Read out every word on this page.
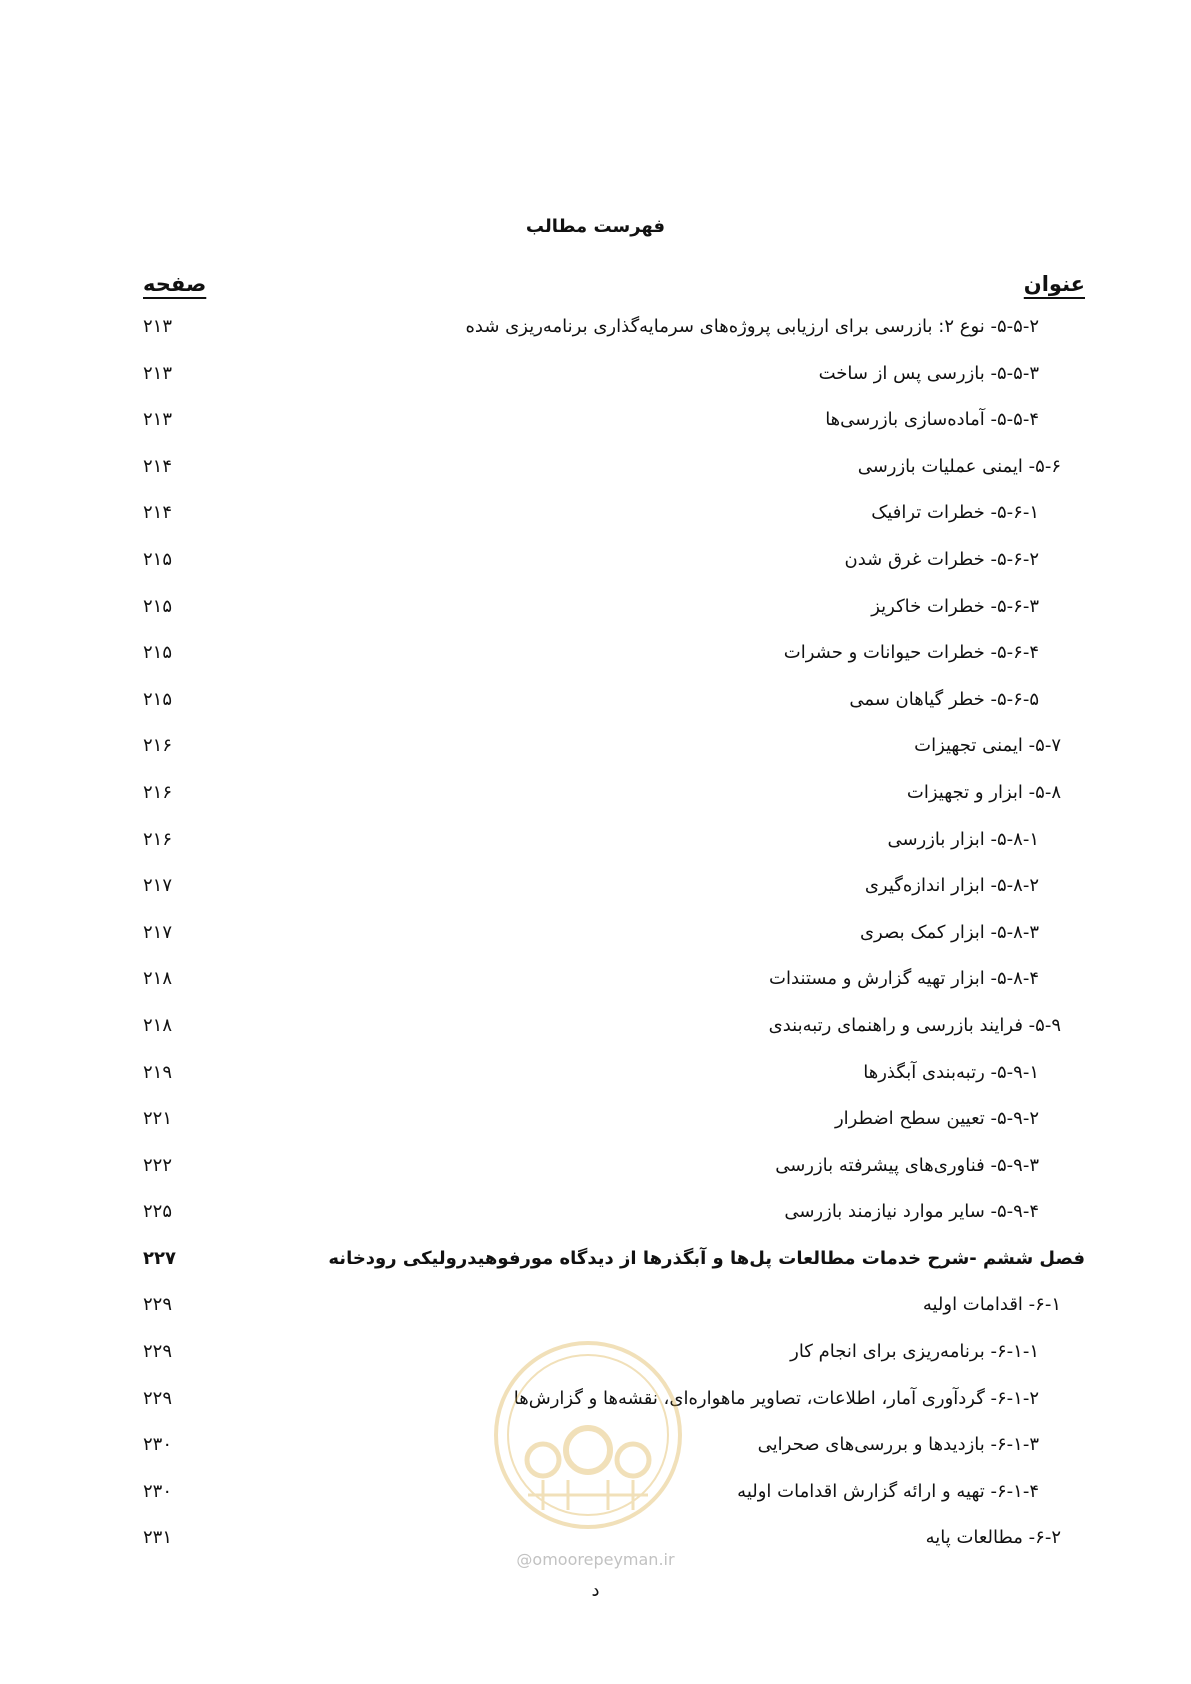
فهرست مطالب
عنوان
صفحه
۵-۵-۲- نوع ۲: بازرسی برای ارزیابی پروژه‌های سرمایه‌گذاری برنامه‌ریزی شده
۲۱۳
۵-۵-۳- بازرسی پس از ساخت
۲۱۳
۵-۵-۴- آماده‌سازی بازرسی‌ها
۲۱۳
۵-۶- ایمنی عملیات بازرسی
۲۱۴
۵-۶-۱- خطرات ترافیک
۲۱۴
۵-۶-۲- خطرات غرق شدن
۲۱۵
۵-۶-۳- خطرات خاکریز
۲۱۵
۵-۶-۴- خطرات حیوانات و حشرات
۲۱۵
۵-۶-۵- خطر گیاهان سمی
۲۱۵
۵-۷- ایمنی تجهیزات
۲۱۶
۵-۸- ابزار و تجهیزات
۲۱۶
۵-۸-۱- ابزار بازرسی
۲۱۶
۵-۸-۲- ابزار اندازه‌گیری
۲۱۷
۵-۸-۳- ابزار کمک بصری
۲۱۷
۵-۸-۴- ابزار تهیه گزارش و مستندات
۲۱۸
۵-۹- فرایند بازرسی و راهنمای رتبه‌بندی
۲۱۸
۵-۹-۱- رتبه‌بندی آبگذرها
۲۱۹
۵-۹-۲- تعیین سطح اضطرار
۲۲۱
۵-۹-۳- فناوری‌های پیشرفته بازرسی
۲۲۲
۵-۹-۴- سایر موارد نیازمند بازرسی
۲۲۵
فصل ششم -شرح خدمات مطالعات پل‌ها و آبگذرها از دیدگاه مورفوهیدرولیکی رودخانه
۲۲۷
۶-۱- اقدامات اولیه
۲۲۹
۶-۱-۱- برنامه‌ریزی برای انجام کار
۲۲۹
۶-۱-۲- گردآوری آمار، اطلاعات، تصاویر ماهواره‌ای، نقشه‌ها و گزارش‌ها
۲۲۹
۶-۱-۳- بازدیدها و بررسی‌های صحرایی
۲۳۰
۶-۱-۴- تهیه و ارائه گزارش اقدامات اولیه
۲۳۰
۶-۲- مطالعات پایه
۲۳۱
@omoorepeyman.ir
د
